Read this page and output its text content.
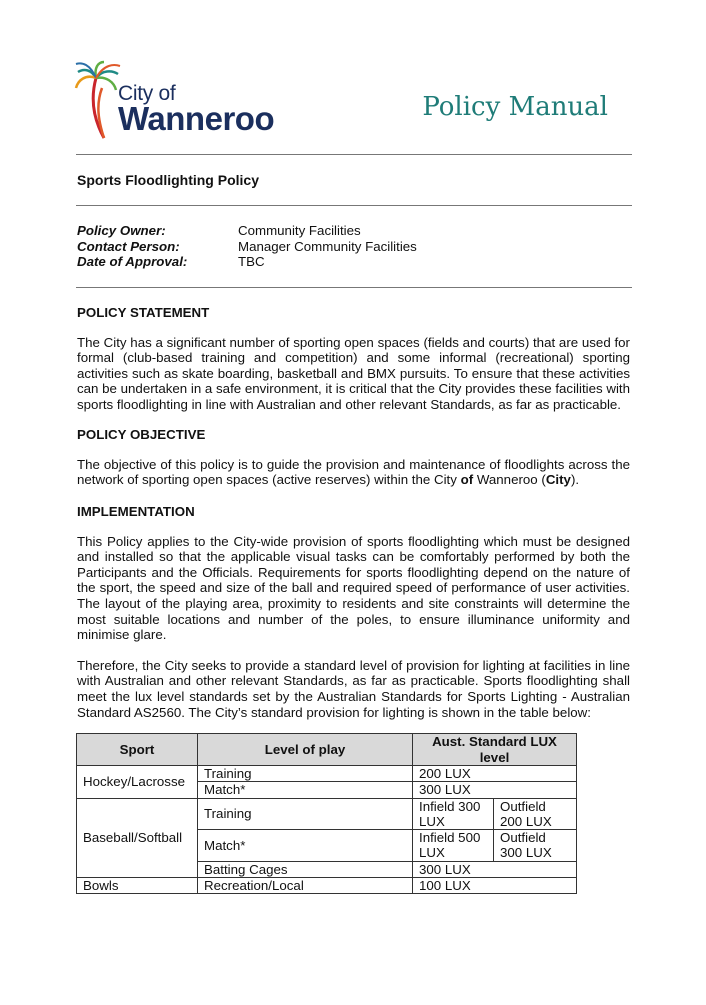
City of
Wanneroo	Policy Manual
Sports Floodlighting Policy
Policy Owner:	Community Facilities
Contact Person:	Manager Community Facilities
Date of Approval:	TBC
POLICY STATEMENT

The City has a significant number of sporting open spaces (fields and courts) that are used for formal (club-based training and competition) and some informal (recreational) sporting activities such as skate boarding, basketball and BMX pursuits. To ensure that these activities can be undertaken in a safe environment, it is critical that the City provides these facilities with sports floodlighting in line with Australian and other relevant Standards, as far as practicable.

POLICY OBJECTIVE

The objective of this policy is to guide the provision and maintenance of floodlights across the network of sporting open spaces (active reserves) within the City of Wanneroo (City).

IMPLEMENTATION

This Policy applies to the City-wide provision of sports floodlighting which must be designed and installed so that the applicable visual tasks can be comfortably performed by both the Participants and the Officials. Requirements for sports floodlighting depend on the nature of the sport, the speed and size of the ball and required speed of performance of user activities. The layout of the playing area, proximity to residents and site constraints will determine the most suitable locations and number of the poles, to ensure illuminance uniformity and minimise glare.

Therefore, the City seeks to provide a standard level of provision for lighting at facilities in line with Australian and other relevant Standards, as far as practicable. Sports floodlighting shall meet the lux level standards set by the Australian Standards for Sports Lighting - Australian Standard AS2560. The City’s standard provision for lighting is shown in the table below:

Sport	Level of play	Aust. Standard LUX level	
Hockey/Lacrosse	Training	200 LUX	
	Match*	300 LUX	
Baseball/Softball	Training	Infield 300 LUX	Outfield 200 LUX
	Match*	Infield 500 LUX	Outfield 300 LUX
	Batting Cages	300 LUX	
Bowls	Recreation/Local	100 LUX	
